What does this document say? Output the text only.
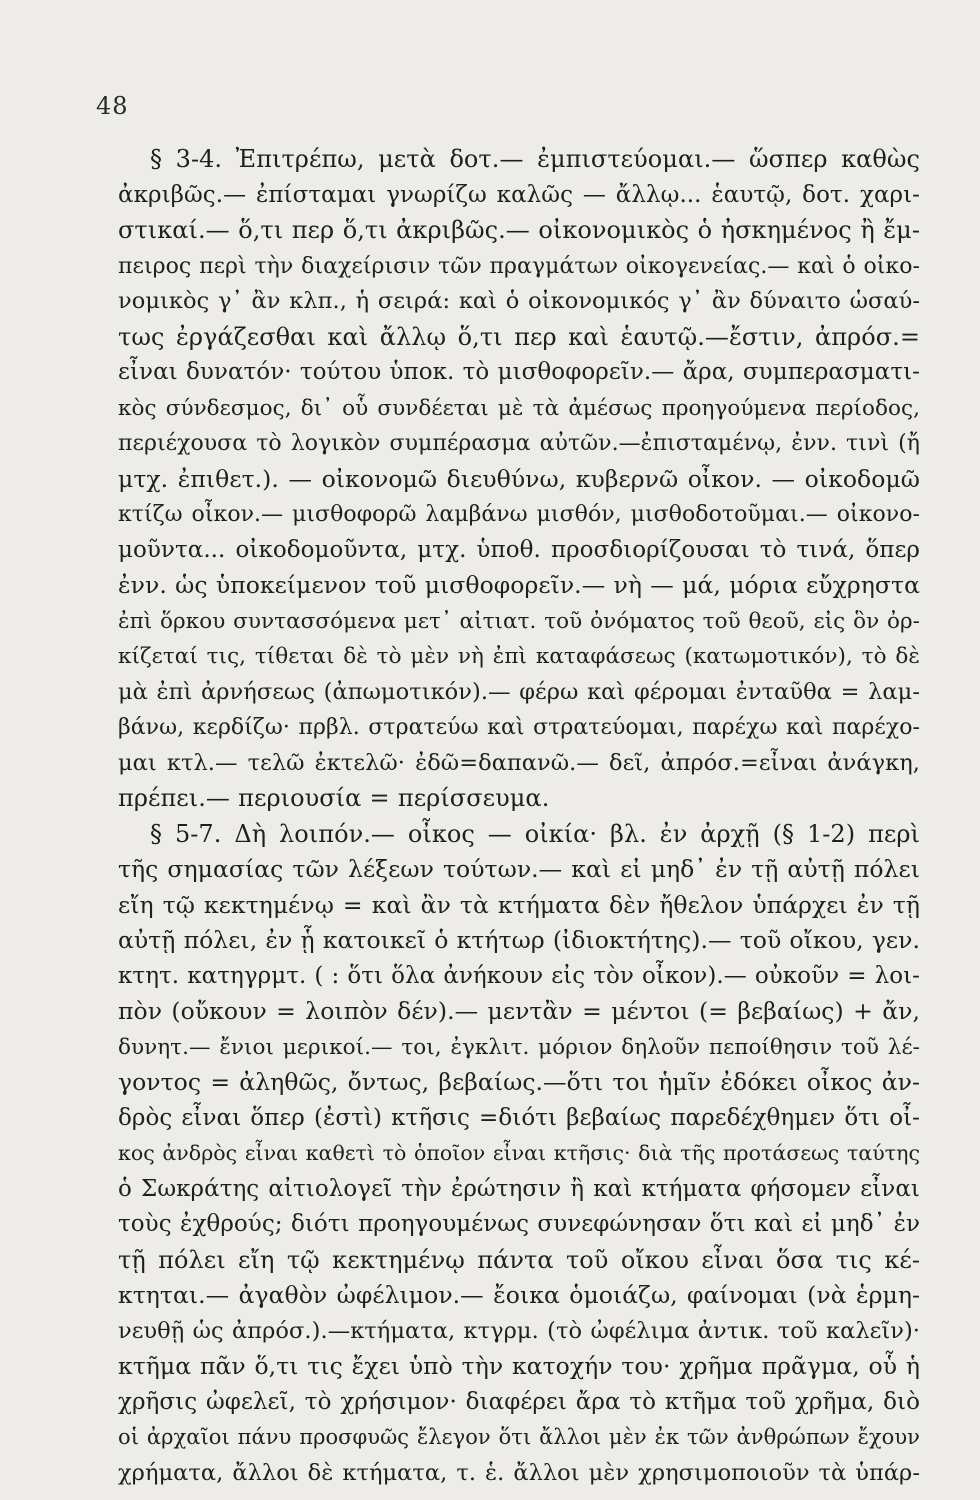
48
§ 3-4. Ἐπιτρέπω, μετὰ δοτ.— ἐμπιστεύομαι.— ὥσπερ καθὼς
ἀκριβῶς.— ἐπίσταμαι γνωρίζω καλῶς — ἄλλῳ... ἑαυτῷ, δοτ. χαρι-
στικαί.— ὅ,τι περ ὅ,τι ἀκριβῶς.— οἰκονομικὸς ὁ ἠσκημένος ἢ ἔμ-
πειρος περὶ τὴν διαχείρισιν τῶν πραγμάτων οἰκογενείας.— καὶ ὁ οἰκο-
νομικὸς γ᾽ ἂν κλπ., ἡ σειρά: καὶ ὁ οἰκονομικός γ᾽ ἂν δύναιτο ὡσαύ-
τως ἐργάζεσθαι καὶ ἄλλῳ ὅ,τι περ καὶ ἑαυτῷ.—ἔστιν, ἀπρόσ.=
εἶναι δυνατόν· τούτου ὑποκ. τὸ μισθοφορεῖν.— ἄρα, συμπερασματι-
κὸς σύνδεσμος, δι᾽ οὗ συνδέεται μὲ τὰ ἀμέσως προηγούμενα περίοδος,
περιέχουσα τὸ λογικὸν συμπέρασμα αὐτῶν.—ἐπισταμένῳ, ἐνν. τινὶ (ἤ
μτχ. ἐπιθετ.). — οἰκονομῶ διευθύνω, κυβερνῶ οἶκον. — οἰκοδομῶ
κτίζω οἶκον.— μισθοφορῶ λαμβάνω μισθόν, μισθοδοτοῦμαι.— οἰκονο-
μοῦντα... οἰκοδομοῦντα, μτχ. ὑποθ. προσδιορίζουσαι τὸ τινά, ὅπερ
ἐνν. ὡς ὑποκείμενον τοῦ μισθοφορεῖν.— νὴ — μά, μόρια εὔχρηστα
ἐπὶ ὅρκου συντασσόμενα μετ᾽ αἰτιατ. τοῦ ὀνόματος τοῦ θεοῦ, εἰς ὃν ὀρ-
κίζεταί τις, τίθεται δὲ τὸ μὲν νὴ ἐπὶ καταφάσεως (κατωμοτικόν), τὸ δὲ
μὰ ἐπὶ ἀρνήσεως (ἀπωμοτικόν).— φέρω καὶ φέρομαι ἐνταῦθα = λαμ-
βάνω, κερδίζω· πρβλ. στρατεύω καὶ στρατεύομαι, παρέχω καὶ παρέχο-
μαι κτλ.— τελῶ ἐκτελῶ· ἐδῶ=δαπανῶ.— δεῖ, ἀπρόσ.=εἶναι ἀνάγκη,
πρέπει.— περιουσία = περίσσευμα.
§ 5-7. Δὴ λοιπόν.— οἶκος — οἰκία· βλ. ἐν ἀρχῇ (§ 1-2) περὶ
τῆς σημασίας τῶν λέξεων τούτων.— καὶ εἰ μηδ᾽ ἐν τῇ αὐτῇ πόλει
εἴη τῷ κεκτημένῳ = καὶ ἂν τὰ κτήματα δὲν ἤθελον ὑπάρχει ἐν τῇ
αὐτῇ πόλει, ἐν ᾗ κατοικεῖ ὁ κτήτωρ (ἰδιοκτήτης).— τοῦ οἴκου, γεν.
κτητ. κατηγρμτ. ( : ὅτι ὅλα ἀνήκουν εἰς τὸν οἶκον).— οὐκοῦν = λοι-
πὸν (οὔκουν = λοιπὸν δέν).— μεντἂν = μέντοι (= βεβαίως) + ἄν,
δυνητ.— ἔνιοι μερικοί.— τοι, ἐγκλιτ. μόριον δηλοῦν πεποίθησιν τοῦ λέ-
γοντος = ἀληθῶς, ὄντως, βεβαίως.—ὅτι τοι ἡμῖν ἐδόκει οἶκος ἀν-
δρὸς εἶναι ὅπερ (ἐστὶ) κτῆσις =διότι βεβαίως παρεδέχθημεν ὅτι οἶ-
κος ἀνδρὸς εἶναι καθετὶ τὸ ὁποῖον εἶναι κτῆσις· διὰ τῆς προτάσεως ταύτης
ὁ Σωκράτης αἰτιολογεῖ τὴν ἐρώτησιν ἢ καὶ κτήματα φήσομεν εἶναι
τοὺς ἐχθρούς; διότι προηγουμένως συνεφώνησαν ὅτι καὶ εἰ μηδ᾽ ἐν
τῇ πόλει εἴη τῷ κεκτημένῳ πάντα τοῦ οἴκου εἶναι ὅσα τις κέ-
κτηται.— ἀγαθὸν ὠφέλιμον.— ἔοικα ὁμοιάζω, φαίνομαι (νὰ ἑρμη-
νευθῇ ὡς ἀπρόσ.).—κτήματα, κτγρμ. (τὸ ὠφέλιμα ἀντικ. τοῦ καλεῖν)·
κτῆμα πᾶν ὅ,τι τις ἔχει ὑπὸ τὴν κατοχήν του· χρῆμα πρᾶγμα, οὗ ἡ
χρῆσις ὠφελεῖ, τὸ χρήσιμον· διαφέρει ἄρα τὸ κτῆμα τοῦ χρῆμα, διὸ
οἱ ἀρχαῖοι πάνυ προσφυῶς ἔλεγον ὅτι ἄλλοι μὲν ἐκ τῶν ἀνθρώπων ἔχουν
χρήματα, ἄλλοι δὲ κτήματα, τ. ἑ. ἄλλοι μὲν χρησιμοποιοῦν τὰ ὑπάρ-
